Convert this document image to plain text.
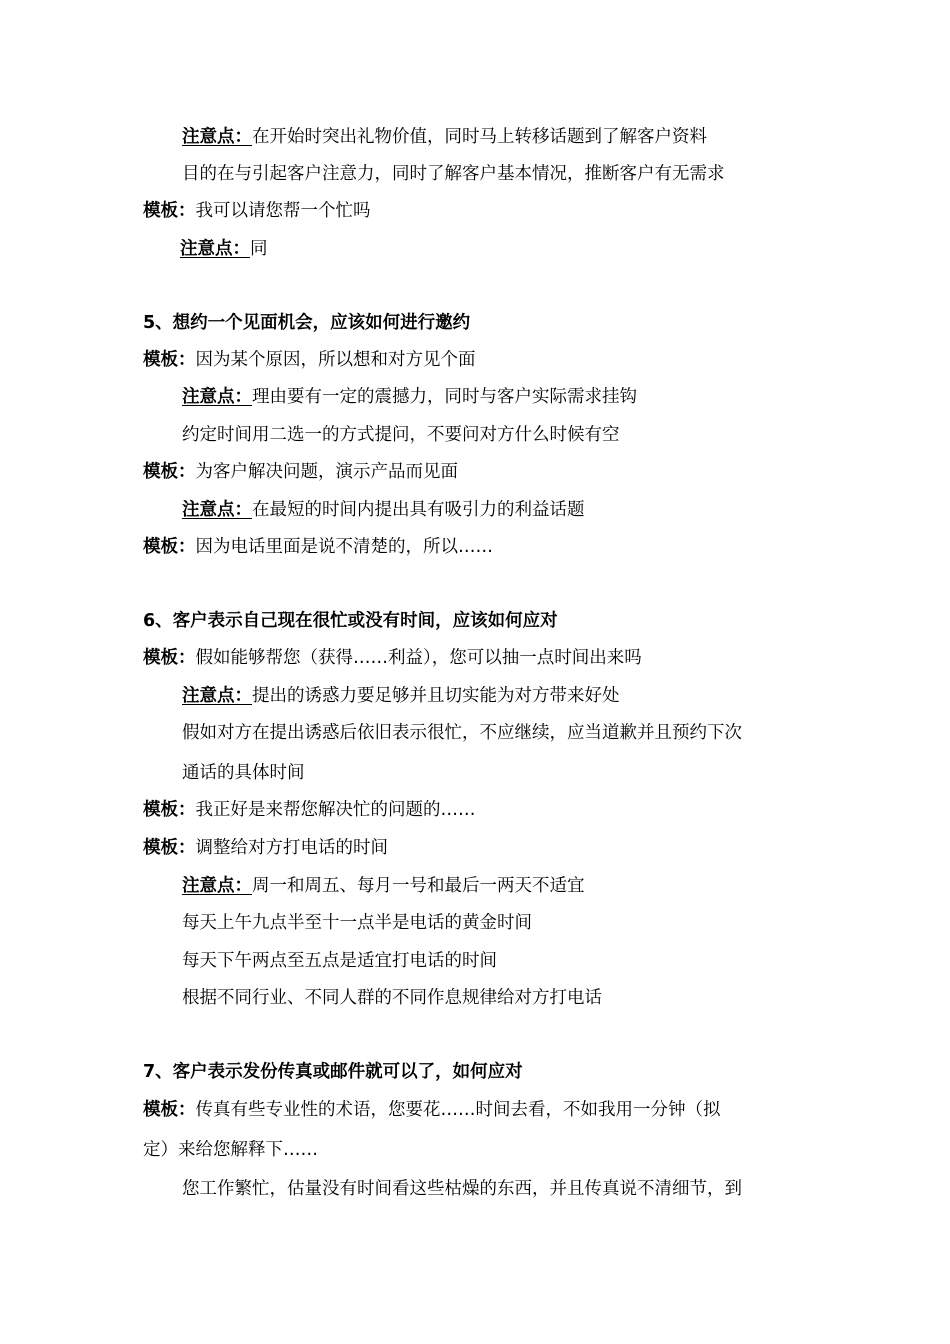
注意点：在开始时突出礼物价值，同时马上转移话题到了解客户资料
目的在与引起客户注意力，同时了解客户基本情况，推断客户有无需求
模板：我可以请您帮一个忙吗
注意点：同
5、想约一个见面机会，应该如何进行邀约
模板：因为某个原因，所以想和对方见个面
注意点：理由要有一定的震撼力，同时与客户实际需求挂钩
约定时间用二选一的方式提问，不要问对方什么时候有空
模板：为客户解决问题，演示产品而见面
注意点：在最短的时间内提出具有吸引力的利益话题
模板：因为电话里面是说不清楚的，所以……
6、客户表示自己现在很忙或没有时间，应该如何应对
模板：假如能够帮您（获得……利益），您可以抽一点时间出来吗
注意点：提出的诱惑力要足够并且切实能为对方带来好处
假如对方在提出诱惑后依旧表示很忙，不应继续，应当道歉并且预约下次
通话的具体时间
模板：我正好是来帮您解决忙的问题的……
模板：调整给对方打电话的时间
注意点：周一和周五、每月一号和最后一两天不适宜
每天上午九点半至十一点半是电话的黄金时间
每天下午两点至五点是适宜打电话的时间
根据不同行业、不同人群的不同作息规律给对方打电话
7、客户表示发份传真或邮件就可以了，如何应对
模板：传真有些专业性的术语，您要花……时间去看，不如我用一分钟（拟
定）来给您解释下……
您工作繁忙，估量没有时间看这些枯燥的东西，并且传真说不清细节，到
